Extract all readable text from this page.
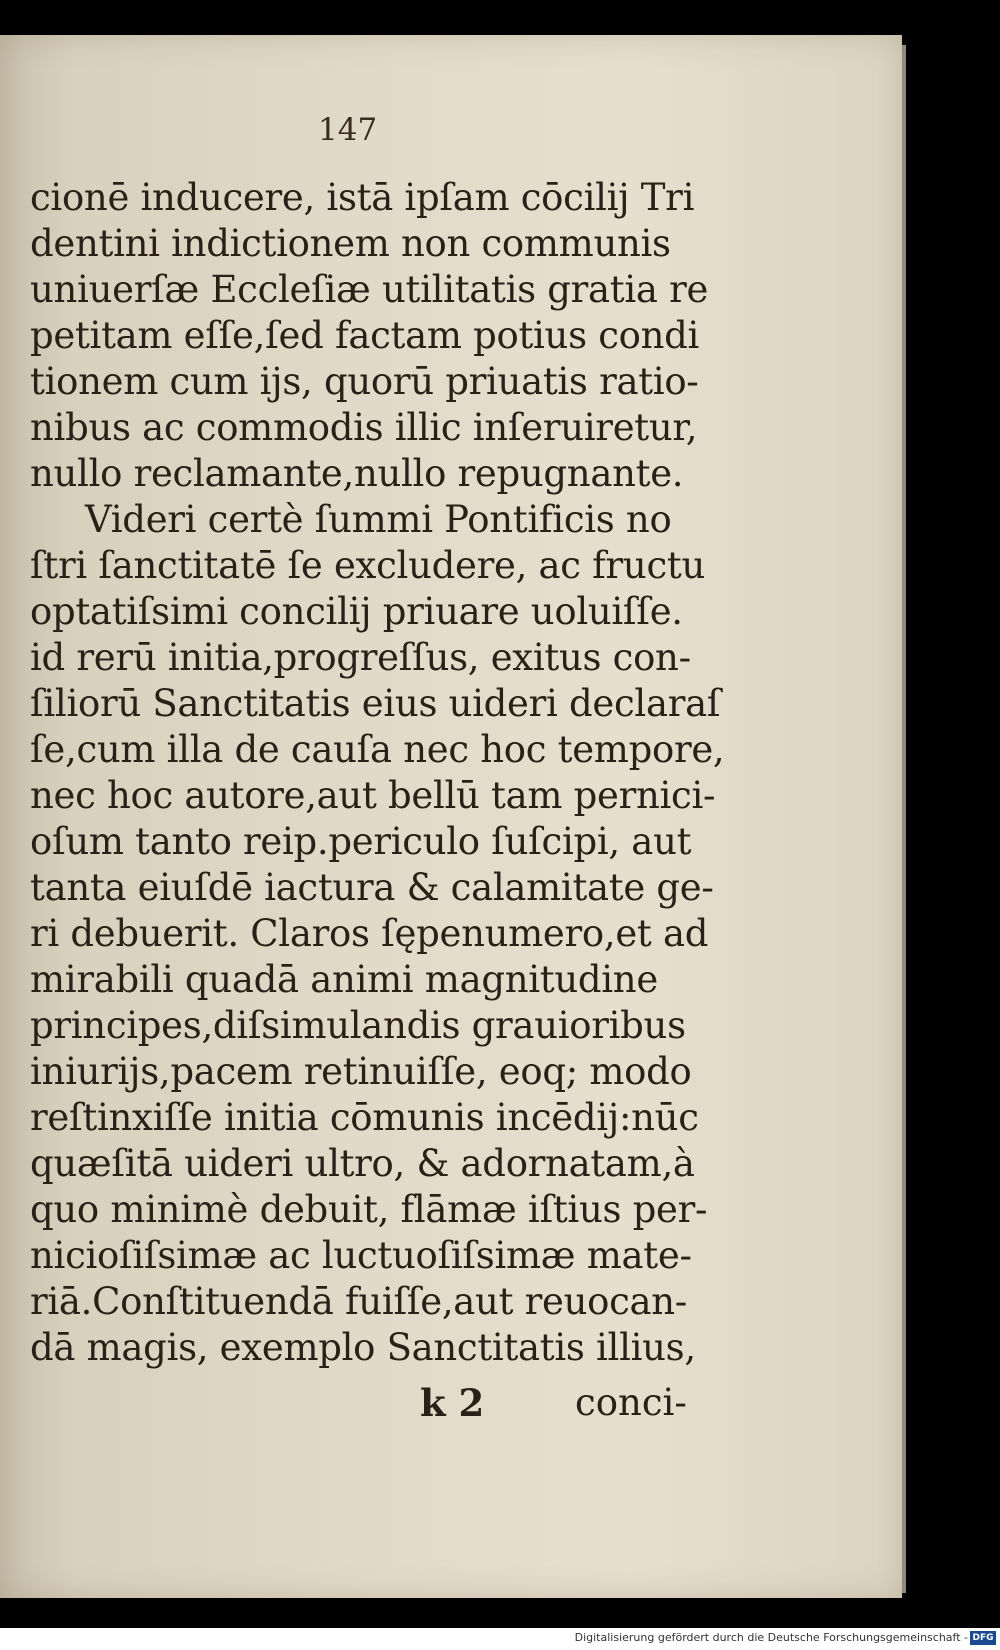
147
cionē inducere, istā ipſam cōcilij Tri
dentini indictionem non communis
uniuerſæ Eccleſiæ utilitatis gratia re
petitam eſſe,ſed factam potius condi
tionem cum ijs, quorū priuatis ratio-
nibus ac commodis illic inſeruiretur,
nullo reclamante,nullo repugnante.
Videri certè ſummi Pontificis no
ſtri ſanctitatē ſe excludere, ac fructu
optatiſsimi concilij priuare uoluiſſe.
id rerū initia,progreſſus, exitus con-
ſiliorū Sanctitatis eius uideri declaraſ
ſe,cum illa de cauſa nec hoc tempore,
nec hoc autore,aut bellū tam pernici-
oſum tanto reip.periculo ſuſcipi, aut
tanta eiuſdē iactura & calamitate ge-
ri debuerit. Claros ſępenumero,et ad
mirabili quadā animi magnitudine
principes,diſsimulandis grauioribus
iniurijs,pacem retinuiſſe, eoq; modo
reſtinxiſſe initia cōmunis incēdij:nūc
quæſitā uideri ultro, & adornatam,à
quo minimè debuit, flāmæ iſtius per-
nicioſiſsimæ ac luctuoſiſsimæ mate-
riā.Conſtituendā fuiſſe,aut reuocan-
dā magis, exemplo Sanctitatis illius,
k 2 conci-
Digitalisierung gefördert durch die Deutsche Forschungsgemeinschaft - DFG
